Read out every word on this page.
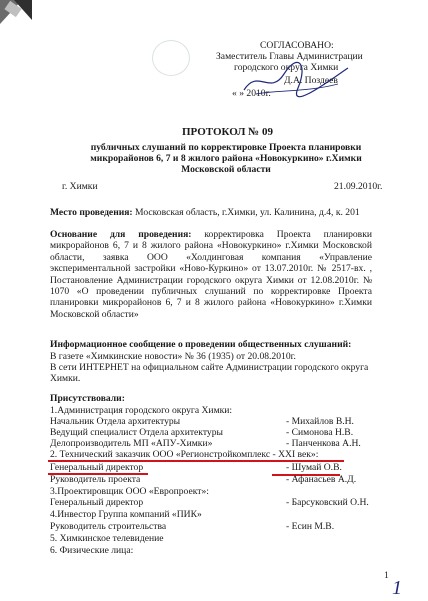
СОГЛАСОВАНО:
Заместитель Главы Администрации
городского округа Химки
Д.А. Поздеев
« » 2010г.
ПРОТОКОЛ № 09
публичных слушаний по корректировке Проекта планировки
микрорайонов 6, 7 и 8 жилого района «Новокуркино» г.Химки
Московской области
г. Химки	21.09.2010г.
Место проведения: Московская область, г.Химки, ул. Калинина, д.4, к. 201
Основание для проведения: корректировка Проекта планировки микрорайонов 6, 7 и 8 жилого района «Новокуркино» г.Химки Московской области, заявка ООО «Холдинговая компания «Управление экспериментальной застройки «Ново-Куркино» от 13.07.2010г. № 2517-вх. , Постановление Администрации городского округа Химки от 12.08.2010г. № 1070 «О проведении публичных слушаний по корректировке Проекта планировки микрорайонов 6, 7 и 8 жилого района «Новокуркино» г.Химки Московской области»
Информационное сообщение о проведении общественных слушаний:
В газете «Химкинские новости» № 36 (1935) от 20.08.2010г.
В сети ИНТЕРНЕТ на официальном сайте Администрации городского округа
Химки.
Присутствовали:
1.Администрация городского округа Химки:
Начальник Отдела архитектуры	- Михайлов В.Н.
Ведущий специалист Отдела архитектуры	- Симонова Н.В.
Делопроизводитель МП «АПУ-Химки»	- Панченкова А.Н.
2. Технический заказчик ООО «Регионстройкомплекс - XXI век»:
Генеральный директор	- Шумай О.В.
Руководитель проекта	- Афанасьев А.Д.
3.Проектировщик ООО «Европроект»:
Генеральный директор	- Барсуковский О.Н.
4.Инвестор Группа компаний «ПИК»
Руководитель строительства	- Есин М.В.
5. Химкинское телевидение
6. Физические лица:
1
1
